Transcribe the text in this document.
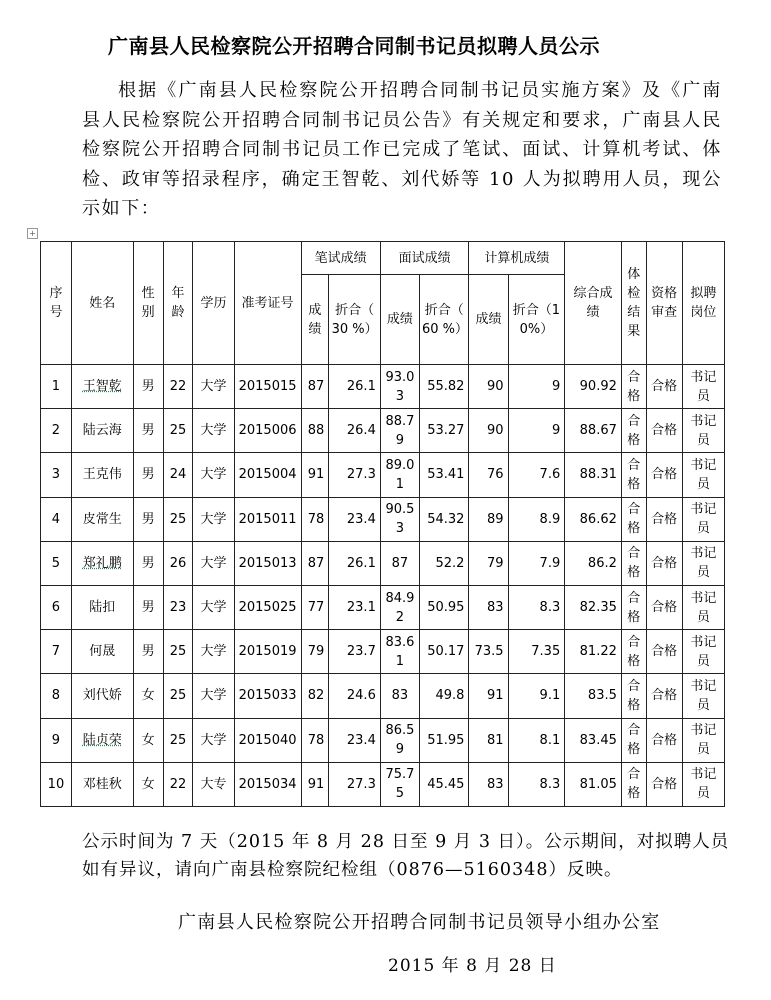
广南县人民检察院公开招聘合同制书记员拟聘人员公示
根据《广南县人民检察院公开招聘合同制书记员实施方案》及《广南县人民检察院公开招聘合同制书记员公告》有关规定和要求，广南县人民检察院公开招聘合同制书记员工作已完成了笔试、面试、计算机考试、体检、政审等招录程序，确定王智乾、刘代娇等 10 人为拟聘用人员，现公示如下：
+
序号	姓名	性别	年龄	学历	准考证号	笔试成绩		面试成绩		计算机成绩		综合成绩	体检结果	资格审查	拟聘岗位
						成绩	折合（ 30 %）	成绩	折合（ 60 %）	成绩	折合（10%）				
1	王智乾	男	22	大学	2015015	87	26.1	93.03	55.82	90	9	90.92	合格	合格	书记员
2	陆云海	男	25	大学	2015006	88	26.4	88.79	53.27	90	9	88.67	合格	合格	书记员
3	王克伟	男	24	大学	2015004	91	27.3	89.01	53.41	76	7.6	88.31	合格	合格	书记员
4	皮常生	男	25	大学	2015011	78	23.4	90.53	54.32	89	8.9	86.62	合格	合格	书记员
5	郑礼鹏	男	26	大学	2015013	87	26.1	87	52.2	79	7.9	86.2	合格	合格	书记员
6	陆扣	男	23	大学	2015025	77	23.1	84.92	50.95	83	8.3	82.35	合格	合格	书记员
7	何晟	男	25	大学	2015019	79	23.7	83.61	50.17	73.5	7.35	81.22	合格	合格	书记员
8	刘代娇	女	25	大学	2015033	82	24.6	83	49.8	91	9.1	83.5	合格	合格	书记员
9	陆贞荣	女	25	大学	2015040	78	23.4	86.59	51.95	81	8.1	83.45	合格	合格	书记员
10	邓桂秋	女	22	大专	2015034	91	27.3	75.75	45.45	83	8.3	81.05	合格	合格	书记员
公示时间为 7 天（2015 年 8 月 28 日至 9 月 3 日）。公示期间，对拟聘人员如有异议，请向广南县检察院纪检组（0876—5160348）反映。
广南县人民检察院公开招聘合同制书记员领导小组办公室
2015 年 8 月 28 日
